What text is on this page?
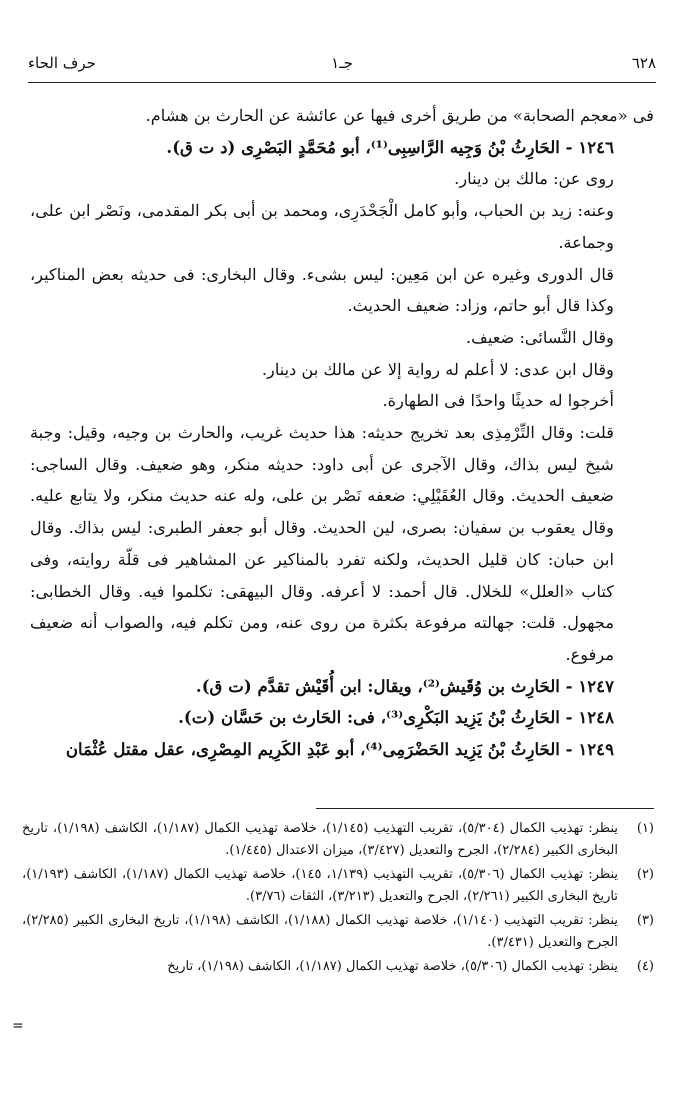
٦٢٨
جـ١
حرف الحاء

فى «معجم الصحابة» من طريق أخرى فيها عن عائشة عن الحارث بن هشام.

١٢٤٦ - الحَارِثُ بْنُ وَجِيه الرَّاسِبِى⁽¹⁾، أبو مُحَمَّدٍ البَصْرِى (د ت ق).

روى عن: مالك بن دينار.

وعنه: زيد بن الحباب، وأبو كامل الْجَحْدَرِى، ومحمد بن أبى بكر المقدمى، ونَصْر ابن على، وجماعة.

قال الدورى وغيره عن ابن مَعِين: ليس بشىء. وقال البخارى: فى حديثه بعض المناكير، وكذا قال أبو حاتم، وزاد: ضعيف الحديث.

وقال النَّسائى: ضعيف.

وقال ابن عدى: لا أعلم له رواية إلا عن مالك بن دينار.

أخرجوا له حديثًا واحدًا فى الطهارة.

قلت: وقال التِّرْمِذِى بعد تخريج حديثه: هذا حديث غريب، والحارث بن وجيه، وقيل: وجبة شيخ ليس بذاك، وقال الآجرى عن أبى داود: حديثه منكر، وهو ضعيف. وقال الساجى: ضعيف الحديث. وقال العُقَيْلِي: ضعفه نَصْر بن على، وله عنه حديث منكر، ولا يتابع عليه. وقال يعقوب بن سفيان: بصرى، لين الحديث. وقال أبو جعفر الطبرى: ليس بذاك. وقال ابن حبان: كان قليل الحديث، ولكنه تفرد بالمناكير عن المشاهير فى قلّة روايته، وفى كتاب «العلل» للخلال. قال أحمد: لا أعرفه. وقال البيهقى: تكلموا فيه. وقال الخطابى: مجهول. قلت: جهالته مرفوعة بكثرة من روى عنه، ومن تكلم فيه، والصواب أنه ضعيف مرفوع.

١٢٤٧ - الحَارِث بن وُقَيش⁽²⁾، ويقال: ابن أُقَيْش تقدَّم (ت ق).

١٢٤٨ - الحَارِثُ بْنُ يَزِيد البَكْرِى⁽³⁾، فى: الحَارث بن حَسَّان (ت).

١٢٤٩ - الحَارِثُ بْنُ يَزِيد الحَضْرَمِى⁽⁴⁾، أبو عَبْدِ الكَرِيم المِصْرِى، عقل مقتل عُثْمَان

(١)
ينظر: تهذيب الكمال (٥/٣٠٤)، تقريب التهذيب (١/١٤٥)، خلاصة تهذيب الكمال (١/١٨٧)، الكاشف (١/١٩٨)، تاريخ البخارى الكبير (٢/٢٨٤)، الجرح والتعديل (٣/٤٢٧)، ميزان الاعتدال (١/٤٤٥).

(٢)
ينظر: تهذيب الكمال (٥/٣٠٦)، تقريب التهذيب (١/١٣٩، ١٤٥)، خلاصة تهذيب الكمال (١/١٨٧)، الكاشف (١/١٩٣)، تاريخ البخارى الكبير (٢/٢٦١)، الجرح والتعديل (٣/٢١٣)، الثقات (٣/٧٦).

(٣)
ينظر: تقريب التهذيب (١/١٤٠)، خلاصة تهذيب الكمال (١/١٨٨)، الكاشف (١/١٩٨)، تاريخ البخارى الكبير (٢/٢٨٥)، الجرح والتعديل (٣/٤٣١).

(٤)
ينظر: تهذيب الكمال (٥/٣٠٦)، خلاصة تهذيب الكمال (١/١٨٧)، الكاشف (١/١٩٨)، تاريخ

=
